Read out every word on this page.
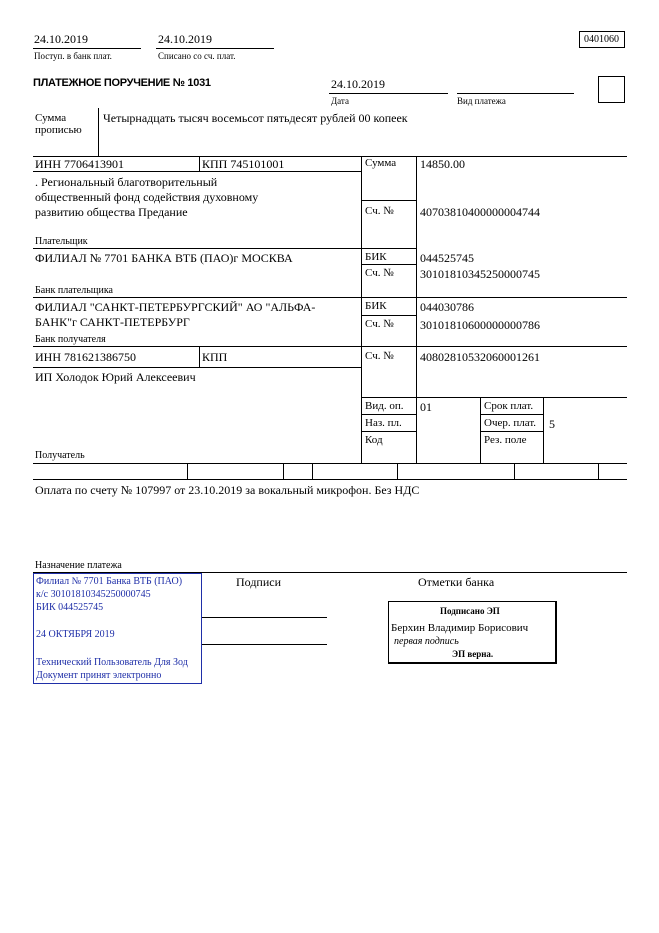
24.10.2019
Поступ. в банк плат.
24.10.2019
Списано со сч. плат.
0401060
ПЛАТЕЖНОЕ ПОРУЧЕНИЕ № 1031	24.10.2019
Дата	Вид платежа
Сумма
прописью
Четырнадцать тысяч восемьсот пятьдесят рублей 00 копеек
ИНН 7706413901	КПП 745101001
. Региональный благотворительный
общественный фонд содействия духовному
развитию общества Предание
Плательщик
ФИЛИАЛ № 7701 БАНКА ВТБ (ПАО)г МОСКВА
Банк плательщика
ФИЛИАЛ "САНКТ-ПЕТЕРБУРГСКИЙ" АО "АЛЬФА-
БАНК"г САНКТ-ПЕТЕРБУРГ
Банк получателя
ИНН 781621386750	КПП
ИП Холодок Юрий Алексеевич
Получатель
Сумма 14850.00
Сч. № 40703810400000004744
БИК	044525745
Сч. № 30101810345250000745
БИК	044030786
Сч. № 30101810600000000786
Сч. № 40802810532060001261
Вид. оп. 01
Наз. пл.
Код
Срок плат.
Очер. плат. 5
Рез. поле
Оплата по счету № 107997 от 23.10.2019 за вокальный микрофон. Без НДС
Назначение платежа
Филиал № 7701 Банка ВТБ (ПАО)
к/с 30101810345250000745
БИК 044525745
24 ОКТЯБРЯ 2019
Технический Пользователь Для Зод
Документ принят электронно
Подписи	Отметки банка
Подписано ЭП
Берхин Владимир Борисович
первая подпись
ЭП верна.
